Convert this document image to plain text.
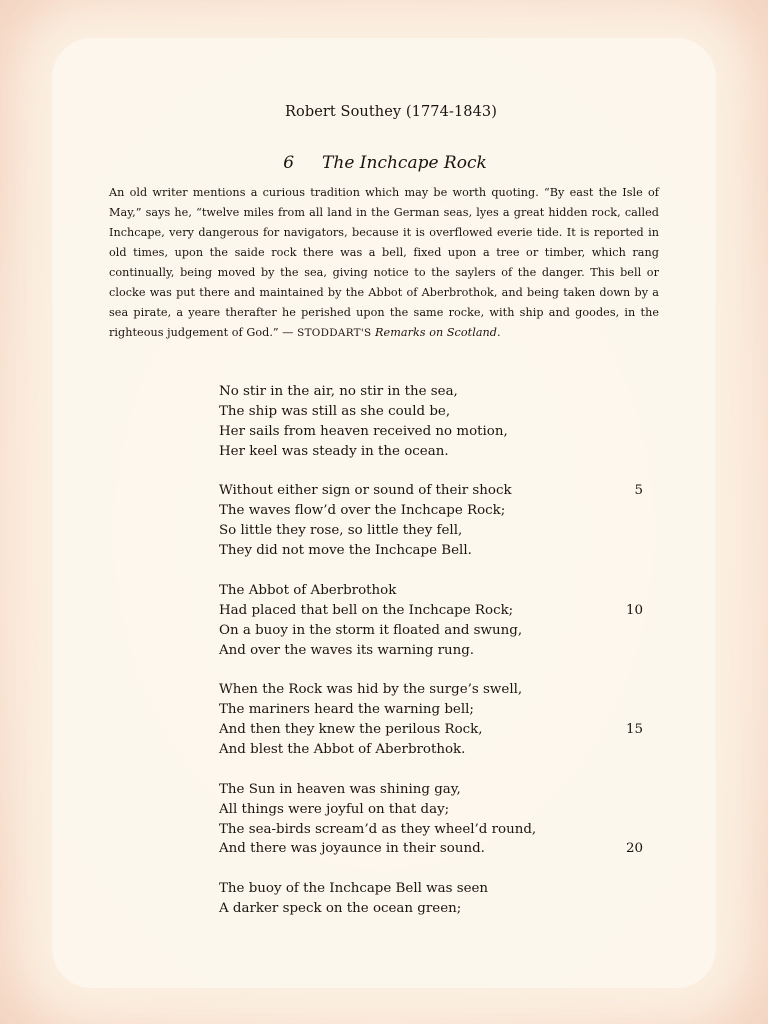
Robert Southey (1774-1843)
6 The Inchcape Rock
An old writer mentions a curious tradition which may be worth quoting. “By east the Isle of May,” says he, “twelve miles from all land in the German seas, lyes a great hidden rock, called Inchcape, very dangerous for navigators, because it is overflowed everie tide. It is reported in old times, upon the saide rock there was a bell, fixed upon a tree or timber, which rang continually, being moved by the sea, giving notice to the saylers of the danger. This bell or clocke was put there and maintained by the Abbot of Aberbrothok, and being taken down by a sea pirate, a yeare therafter he perished upon the same rocke, with ship and goodes, in the righteous judgement of God.” — STODDART'S Remarks on Scotland.
No stir in the air, no stir in the sea,
The ship was still as she could be,
Her sails from heaven received no motion,
Her keel was steady in the ocean.
Without either sign or sound of their shock	5
The waves flow’d over the Inchcape Rock;
So little they rose, so little they fell,
They did not move the Inchcape Bell.
The Abbot of Aberbrothok
Had placed that bell on the Inchcape Rock;	10
On a buoy in the storm it floated and swung,
And over the waves its warning rung.
When the Rock was hid by the surge’s swell,
The mariners heard the warning bell;
And then they knew the perilous Rock,	15
And blest the Abbot of Aberbrothok.
The Sun in heaven was shining gay,
All things were joyful on that day;
The sea-birds scream’d as they wheel’d round,
And there was joyaunce in their sound.	20
The buoy of the Inchcape Bell was seen
A darker speck on the ocean green;
